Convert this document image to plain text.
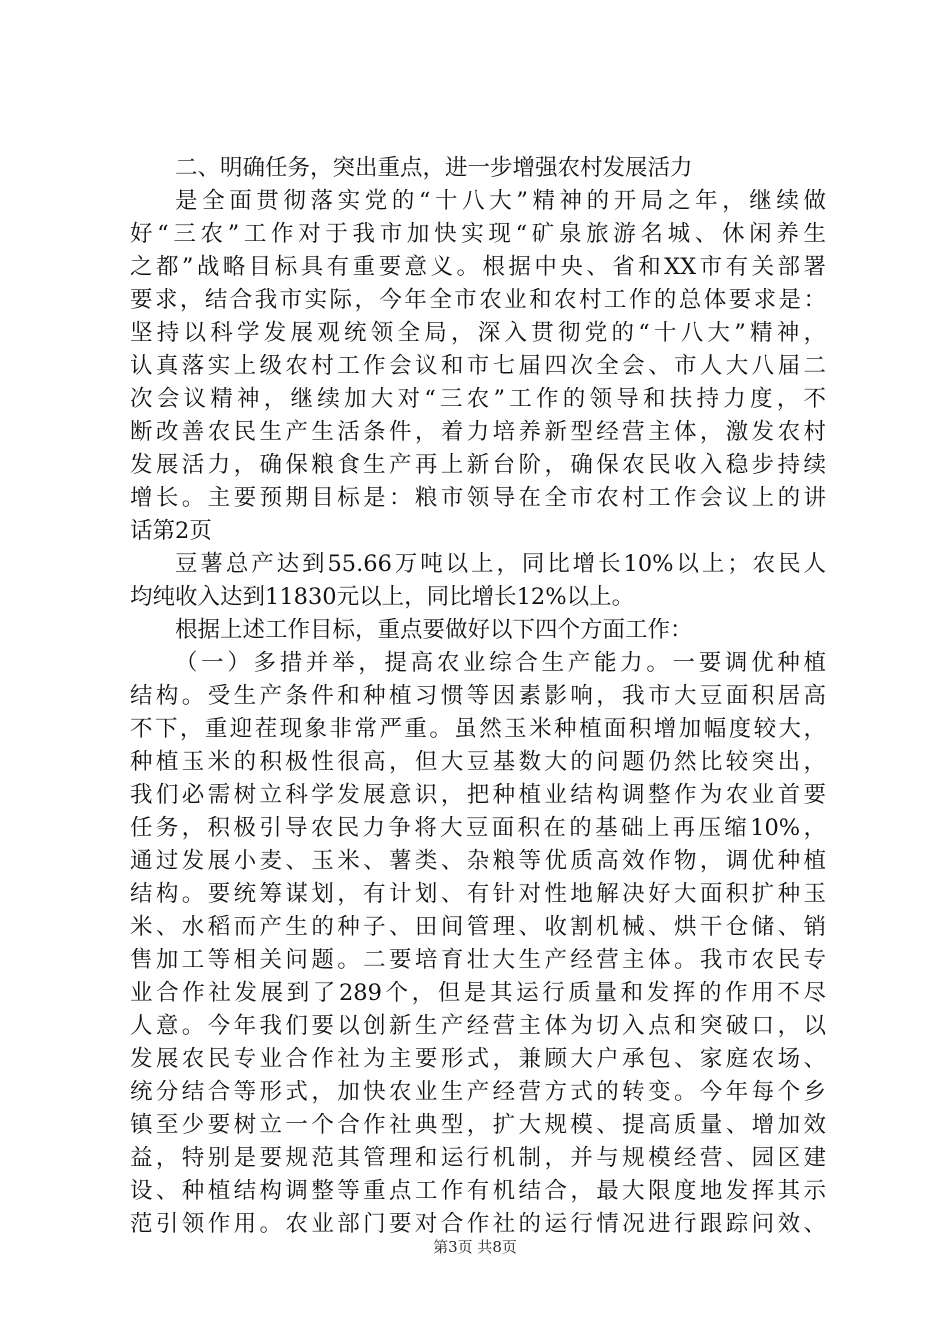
二、明确任务，突出重点，进一步增强农村发展活力
是全面贯彻落实党的“十八大”精神的开局之年，继续做
好“三农”工作对于我市加快实现“矿泉旅游名城、休闲养生
之都”战略目标具有重要意义。根据中央、省和XX市有关部署
要求，结合我市实际，今年全市农业和农村工作的总体要求是：
坚持以科学发展观统领全局，深入贯彻党的“十八大”精神，
认真落实上级农村工作会议和市七届四次全会、市人大八届二
次会议精神，继续加大对“三农”工作的领导和扶持力度，不
断改善农民生产生活条件，着力培养新型经营主体，激发农村
发展活力，确保粮食生产再上新台阶，确保农民收入稳步持续
增长。主要预期目标是：粮市领导在全市农村工作会议上的讲
话第2页
豆薯总产达到55.66万吨以上，同比增长10%以上；农民人
均纯收入达到11830元以上，同比增长12%以上。
根据上述工作目标，重点要做好以下四个方面工作：
（一）多措并举，提高农业综合生产能力。一要调优种植
结构。受生产条件和种植习惯等因素影响，我市大豆面积居高
不下，重迎茬现象非常严重。虽然玉米种植面积增加幅度较大，
种植玉米的积极性很高，但大豆基数大的问题仍然比较突出，
我们必需树立科学发展意识，把种植业结构调整作为农业首要
任务，积极引导农民力争将大豆面积在的基础上再压缩10%，
通过发展小麦、玉米、薯类、杂粮等优质高效作物，调优种植
结构。要统筹谋划，有计划、有针对性地解决好大面积扩种玉
米、水稻而产生的种子、田间管理、收割机械、烘干仓储、销
售加工等相关问题。二要培育壮大生产经营主体。我市农民专
业合作社发展到了289个，但是其运行质量和发挥的作用不尽
人意。今年我们要以创新生产经营主体为切入点和突破口，以
发展农民专业合作社为主要形式，兼顾大户承包、家庭农场、
统分结合等形式，加快农业生产经营方式的转变。今年每个乡
镇至少要树立一个合作社典型，扩大规模、提高质量、增加效
益，特别是要规范其管理和运行机制，并与规模经营、园区建
设、种植结构调整等重点工作有机结合，最大限度地发挥其示
范引领作用。农业部门要对合作社的运行情况进行跟踪问效、
第3页 共8页
